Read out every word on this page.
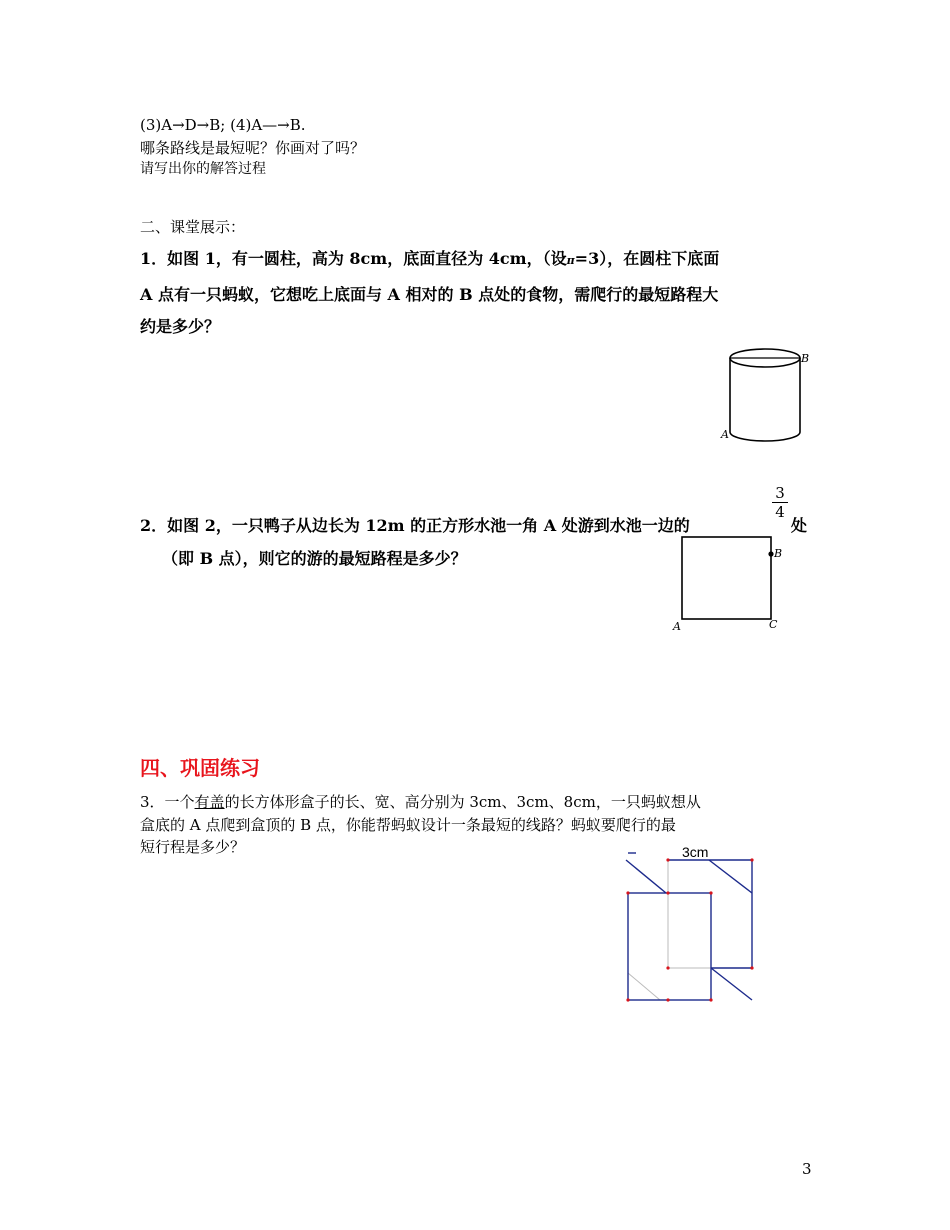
(3)A→D→B; (4)A—→B.
哪条路线是最短呢？你画对了吗？
请写出你的解答过程
二、课堂展示：
1．如图 1，有一圆柱，高为 8cm，底面直径为 4cm，（设π=3），在圆柱下底面
A 点有一只蚂蚁，它想吃上底面与 A 相对的 B 点处的食物，需爬行的最短路程大
约是多少？
A
B
2．如图 2，一只鸭子从边长为 12m 的正方形水池一角 A 处游到水池一边的
3
4
处
（即 B 点），则它的游的最短路程是多少？
A
B
C
四、巩固练习
3．一个有盖的长方体形盒子的长、宽、高分别为 3cm、3cm、8cm，一只蚂蚁想从
盒底的 A 点爬到盒顶的 B 点，你能帮蚂蚁设计一条最短的线路？蚂蚁要爬行的最
短行程是多少？	3cm
3
